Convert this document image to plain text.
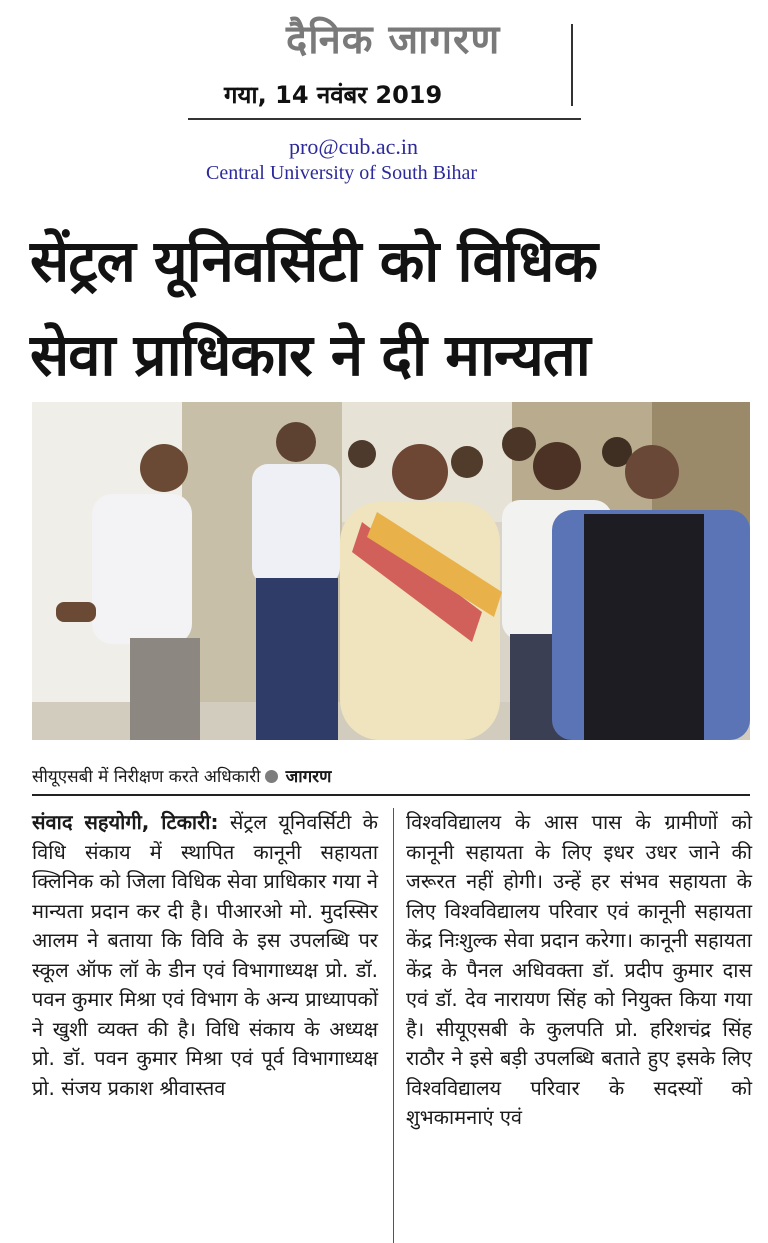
दैनिक जागरण
गया, 14 नवंबर 2019
pro@cub.ac.in
Central University of South Bihar
सेंट्रल यूनिवर्सिटी को विधिक
सेवा प्राधिकार ने दी मान्यता
सीयूएसबी में निरीक्षण करते अधिकारी जागरण
संवाद सहयोगी, टिकारी: सेंट्रल यूनिवर्सिटी के विधि संकाय में स्थापित कानूनी सहायता क्लिनिक को जिला विधिक सेवा प्राधिकार गया ने मान्यता प्रदान कर दी है। पीआरओ मो. मुदस्सिर आलम ने बताया कि विवि के इस उपलब्धि पर स्कूल ऑफ लॉ के डीन एवं विभागाध्यक्ष प्रो. डॉ. पवन कुमार मिश्रा एवं विभाग के अन्य प्राध्यापकों ने खुशी व्यक्त की है। विधि संकाय के अध्यक्ष प्रो. डॉ. पवन कुमार मिश्रा एवं पूर्व विभागाध्यक्ष प्रो. संजय प्रकाश श्रीवास्तव
विश्वविद्यालय के आस पास के ग्रामीणों को कानूनी सहायता के लिए इधर उधर जाने की जरूरत नहीं होगी। उन्हें हर संभव सहायता के लिए विश्वविद्यालय परिवार एवं कानूनी सहायता केंद्र निःशुल्क सेवा प्रदान करेगा। कानूनी सहायता केंद्र के पैनल अधिवक्ता डॉ. प्रदीप कुमार दास एवं डॉ. देव नारायण सिंह को नियुक्त किया गया है। सीयूएसबी के कुलपति प्रो. हरिशचंद्र सिंह राठौर ने इसे बड़ी उपलब्धि बताते हुए इसके लिए विश्वविद्यालय परिवार के सदस्यों को शुभकामनाएं एवं
